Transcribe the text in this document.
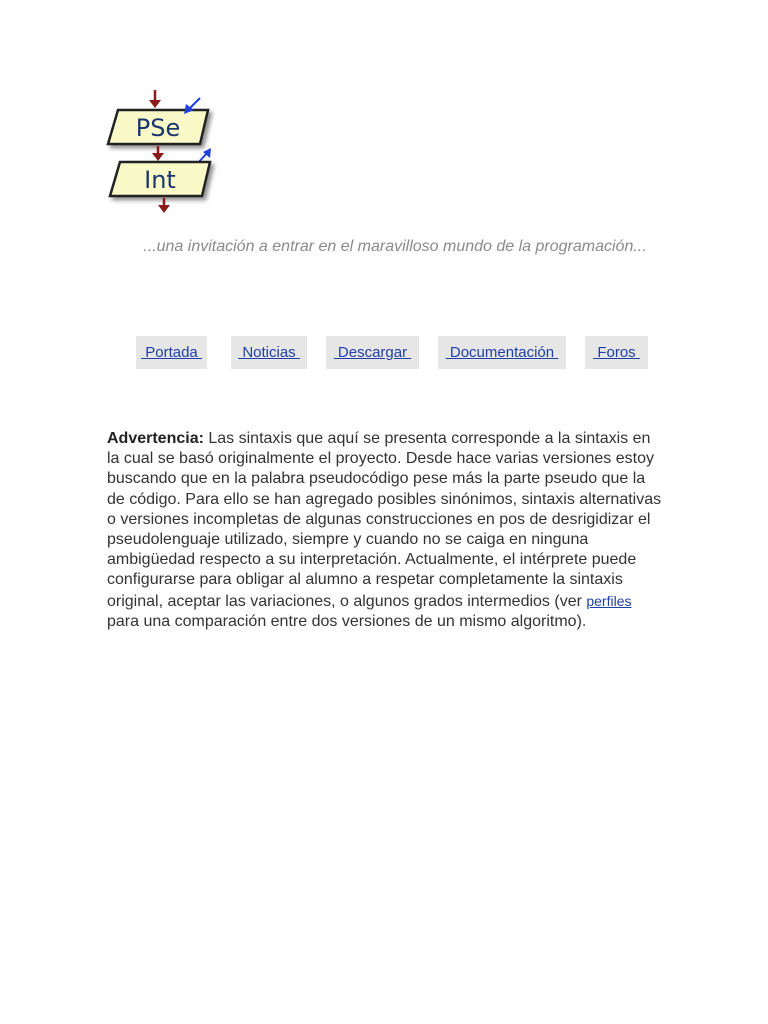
PSe
Int
...una invitación a entrar en el maravilloso mundo de la programación...
Portada Noticias Descargar Documentación Foros
Advertencia: Las sintaxis que aquí se presenta corresponde a la sintaxis en la cual se basó originalmente el proyecto. Desde hace varias versiones estoy buscando que en la palabra pseudocódigo pese más la parte pseudo que la de código. Para ello se han agregado posibles sinónimos, sintaxis alternativas o versiones incompletas de algunas construcciones en pos de desrigidizar el pseudolenguaje utilizado, siempre y cuando no se caiga en ninguna ambigüedad respecto a su interpretación. Actualmente, el intérprete puede configurarse para obligar al alumno a respetar completamente la sintaxis original, aceptar las variaciones, o algunos grados intermedios (ver perfiles para una comparación entre dos versiones de un mismo algoritmo).
